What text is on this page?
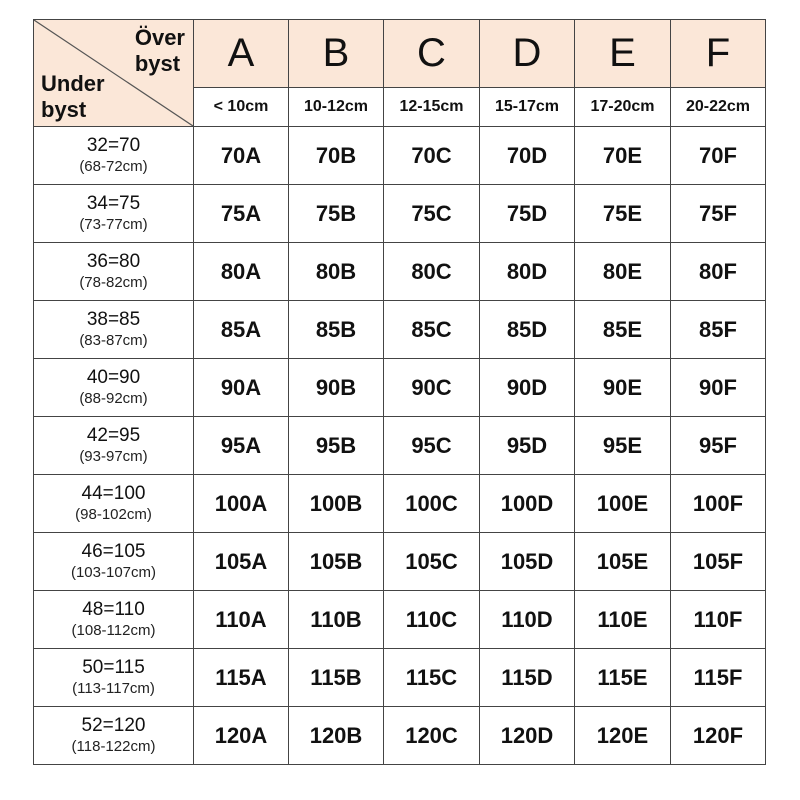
Över
byst
Under
byst	A	B	C	D	E	F
	< 10cm	10-12cm	12-15cm	15-17cm	17-20cm	20-22cm

32=70
(68-72cm)	70A	70B	70C	70D	70E	70F

34=75
(73-77cm)	75A	75B	75C	75D	75E	75F

36=80
(78-82cm)	80A	80B	80C	80D	80E	80F

38=85
(83-87cm)	85A	85B	85C	85D	85E	85F

40=90
(88-92cm)	90A	90B	90C	90D	90E	90F

42=95
(93-97cm)	95A	95B	95C	95D	95E	95F

44=100
(98-102cm)	100A	100B	100C	100D	100E	100F

46=105
(103-107cm)	105A	105B	105C	105D	105E	105F

48=110
(108-112cm)	110A	110B	110C	110D	110E	110F

50=115
(113-117cm)	115A	115B	115C	115D	115E	115F

52=120
(118-122cm)	120A	120B	120C	120D	120E	120F
